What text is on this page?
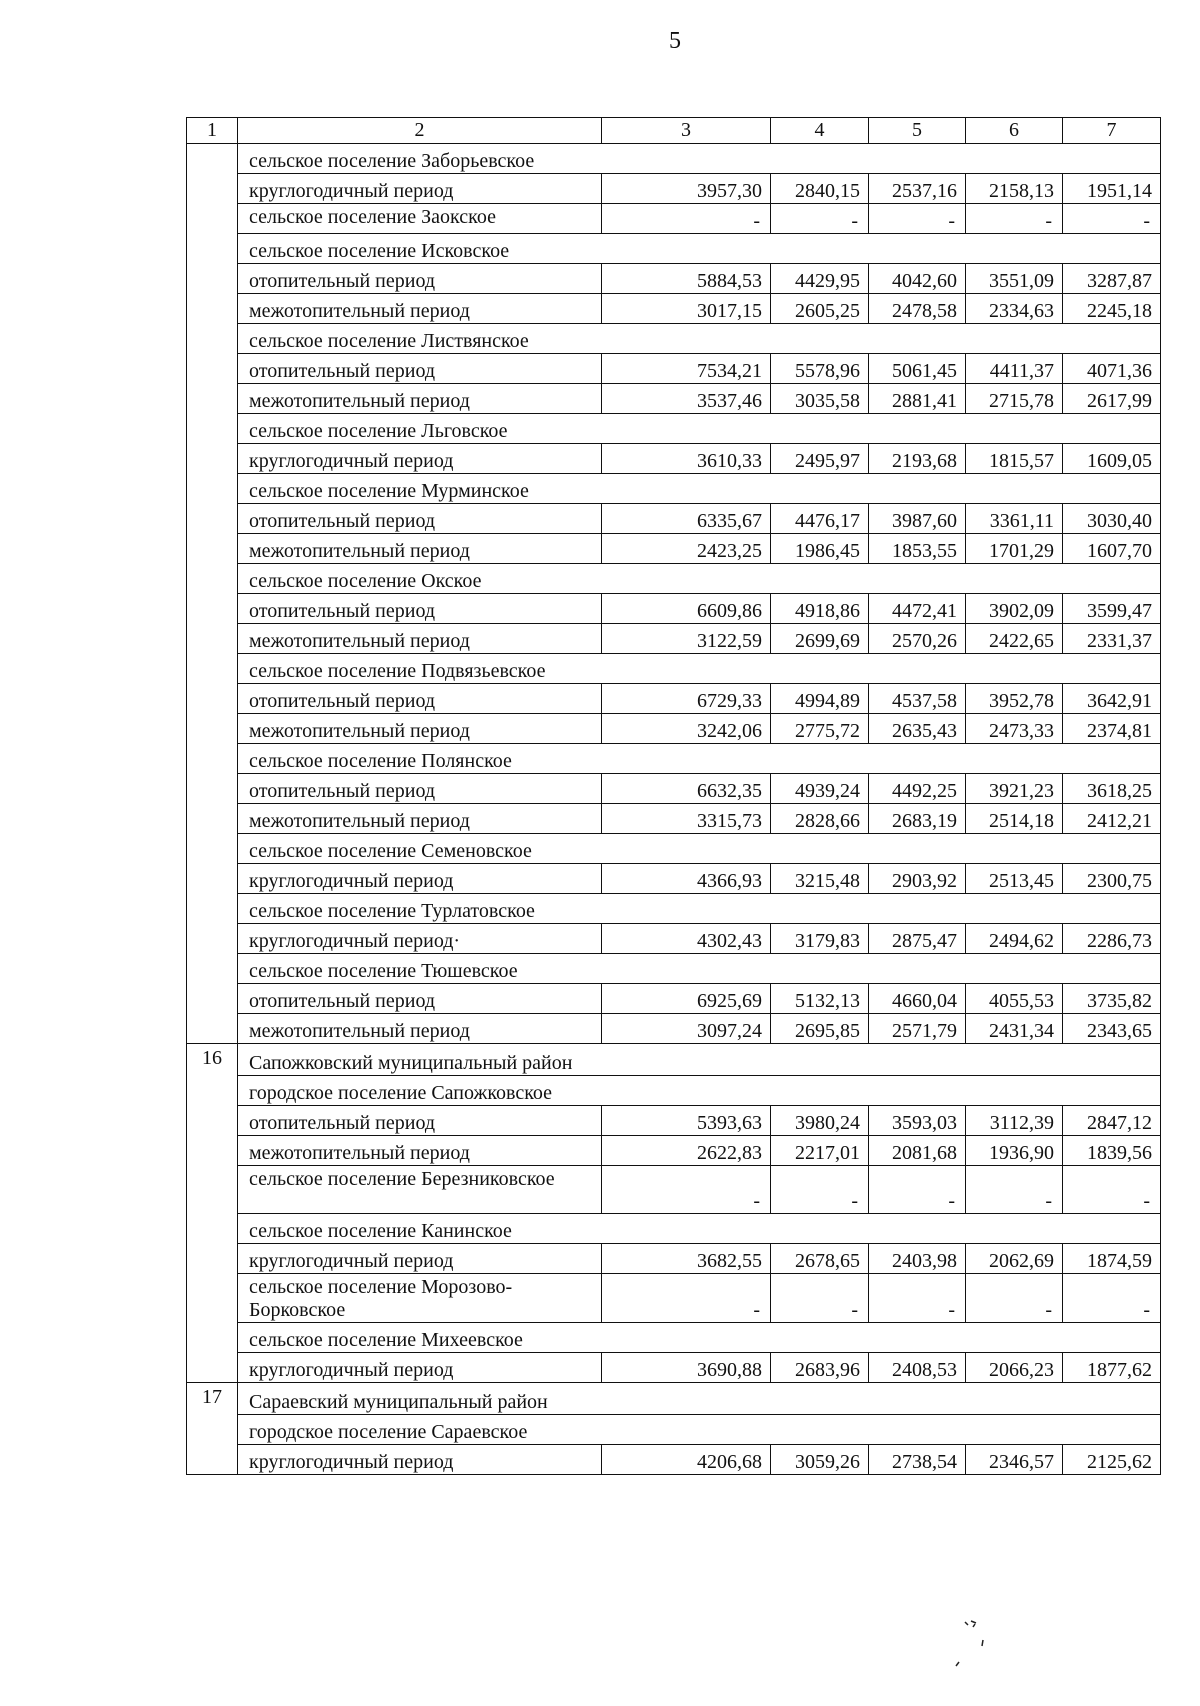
5
1	2	3	4	5	6	7
	сельское поселение Заборьевское					
	круглогодичный период	3957,30	2840,15	2537,16	2158,13	1951,14
	сельское поселение Заокское	-	-	-	-	-
	сельское поселение Исковское					
	отопительный период	5884,53	4429,95	4042,60	3551,09	3287,87
	межотопительный период	3017,15	2605,25	2478,58	2334,63	2245,18
	сельское поселение Листвянское					
	отопительный период	7534,21	5578,96	5061,45	4411,37	4071,36
	межотопительный период	3537,46	3035,58	2881,41	2715,78	2617,99
	сельское поселение Льговское					
	круглогодичный период	3610,33	2495,97	2193,68	1815,57	1609,05
	сельское поселение Мурминское					
	отопительный период	6335,67	4476,17	3987,60	3361,11	3030,40
	межотопительный период	2423,25	1986,45	1853,55	1701,29	1607,70
	сельское поселение Окское					
	отопительный период	6609,86	4918,86	4472,41	3902,09	3599,47
	межотопительный период	3122,59	2699,69	2570,26	2422,65	2331,37
	сельское поселение Подвязьевское					
	отопительный период	6729,33	4994,89	4537,58	3952,78	3642,91
	межотопительный период	3242,06	2775,72	2635,43	2473,33	2374,81
	сельское поселение Полянское					
	отопительный период	6632,35	4939,24	4492,25	3921,23	3618,25
	межотопительный период	3315,73	2828,66	2683,19	2514,18	2412,21
	сельское поселение Семеновское					
	круглогодичный период	4366,93	3215,48	2903,92	2513,45	2300,75
	сельское поселение Турлатовское					
	круглогодичный период·	4302,43	3179,83	2875,47	2494,62	2286,73
	сельское поселение Тюшевское					
	отопительный период	6925,69	5132,13	4660,04	4055,53	3735,82
	межотопительный период	3097,24	2695,85	2571,79	2431,34	2343,65
16	Сапожковский муниципальный район					
	городское поселение Сапожковское					
	отопительный период	5393,63	3980,24	3593,03	3112,39	2847,12
	межотопительный период	2622,83	2217,01	2081,68	1936,90	1839,56
	сельское поселение Березниковское	-	-	-	-	-
	сельское поселение Канинское					
	круглогодичный период	3682,55	2678,65	2403,98	2062,69	1874,59
	сельское поселение Морозово-Борковское	-	-	-	-	-
	сельское поселение Михеевское					
	круглогодичный период	3690,88	2683,96	2408,53	2066,23	1877,62
17	Сараевский муниципальный район					
	городское поселение Сараевское					
	круглогодичный период	4206,68	3059,26	2738,54	2346,57	2125,62
